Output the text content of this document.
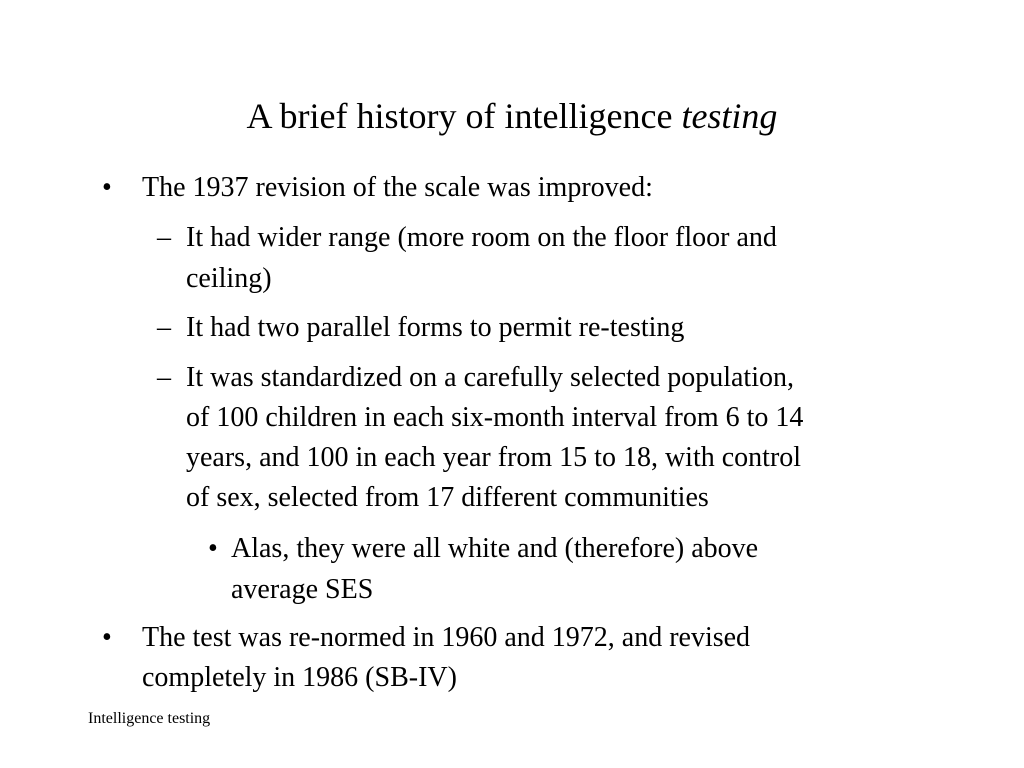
A brief history of intelligence testing
• The 1937 revision of the scale was improved:
– It had wider range (more room on the floor floor and
ceiling)
– It had two parallel forms to permit re-testing
– It was standardized on a carefully selected population,
of 100 children in each six-month interval from 6 to 14
years, and 100 in each year from 15 to 18, with control
of sex, selected from 17 different communities
• Alas, they were all white and (therefore) above
average SES
• The test was re-normed in 1960 and 1972, and revised
completely in 1986 (SB-IV)
Intelligence testing
